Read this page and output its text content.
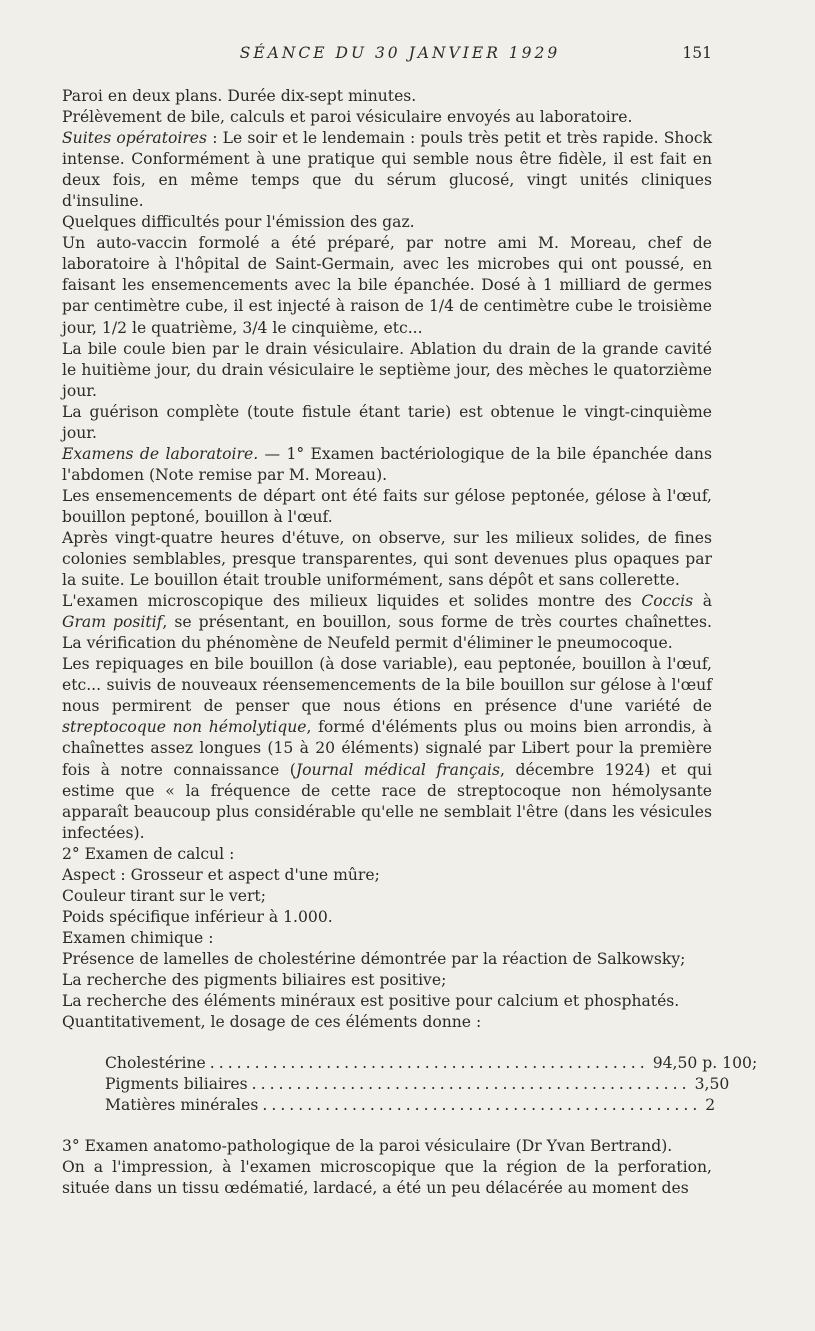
SÉANCE DU 30 JANVIER 1929	151

Paroi en deux plans. Durée dix-sept minutes.

Prélèvement de bile, calculs et paroi vésiculaire envoyés au laboratoire.

Suites opératoires : Le soir et le lendemain : pouls très petit et très rapide. Shock intense. Conformément à une pratique qui semble nous être fidèle, il est fait en deux fois, en même temps que du sérum glucosé, vingt unités cliniques d'insuline.

Quelques difficultés pour l'émission des gaz.

Un auto-vaccin formolé a été préparé, par notre ami M. Moreau, chef de laboratoire à l'hôpital de Saint-Germain, avec les microbes qui ont poussé, en faisant les ensemencements avec la bile épanchée. Dosé à 1 milliard de germes par centimètre cube, il est injecté à raison de 1/4 de centimètre cube le troisième jour, 1/2 le quatrième, 3/4 le cinquième, etc...

La bile coule bien par le drain vésiculaire. Ablation du drain de la grande cavité le huitième jour, du drain vésiculaire le septième jour, des mèches le quatorzième jour.

La guérison complète (toute fistule étant tarie) est obtenue le vingt-cinquième jour.

Examens de laboratoire. — 1° Examen bactériologique de la bile épanchée dans l'abdomen (Note remise par M. Moreau).

Les ensemencements de départ ont été faits sur gélose peptonée, gélose à l'œuf, bouillon peptoné, bouillon à l'œuf.

Après vingt-quatre heures d'étuve, on observe, sur les milieux solides, de fines colonies semblables, presque transparentes, qui sont devenues plus opaques par la suite. Le bouillon était trouble uniformément, sans dépôt et sans collerette.

L'examen microscopique des milieux liquides et solides montre des Coccis à Gram positif, se présentant, en bouillon, sous forme de très courtes chaînettes. La vérification du phénomène de Neufeld permit d'éliminer le pneumocoque.

Les repiquages en bile bouillon (à dose variable), eau peptonée, bouillon à l'œuf, etc... suivis de nouveaux réensemencements de la bile bouillon sur gélose à l'œuf nous permirent de penser que nous étions en présence d'une variété de streptocoque non hémolytique, formé d'éléments plus ou moins bien arrondis, à chaînettes assez longues (15 à 20 éléments) signalé par Libert pour la première fois à notre connaissance (Journal médical français, décembre 1924) et qui estime que « la fréquence de cette race de streptocoque non hémolysante apparaît beaucoup plus considérable qu'elle ne semblait l'être (dans les vésicules infectées).

2° Examen de calcul :

Aspect : Grosseur et aspect d'une mûre;

Couleur tirant sur le vert;

Poids spécifique inférieur à 1.000.

Examen chimique :

Présence de lamelles de cholestérine démontrée par la réaction de Salkowsky;

La recherche des pigments biliaires est positive;

La recherche des éléments minéraux est positive pour calcium et phosphatés.

Quantitativement, le dosage de ces éléments donne :

Cholestérine ................................................. 94,50 p. 100;
Pigments biliaires ................................................. 3,50
Matières minérales ................................................. 2

3° Examen anatomo-pathologique de la paroi vésiculaire (Dr Yvan Bertrand).

On a l'impression, à l'examen microscopique que la région de la perforation, située dans un tissu œdématié, lardacé, a été un peu délacérée au moment des
